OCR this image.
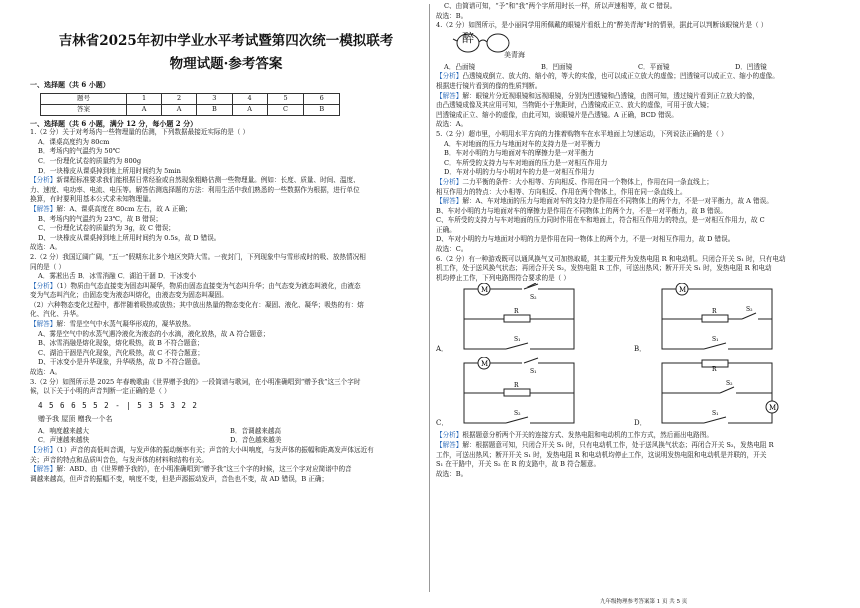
吉林省2025年初中学业水平考试暨第四次统一模拟联考
物理试题·参考答案
一、选择题（共 6 小题）
题号	1	2	3	4	5	6
答案	A	A	B	A	C	B
一、选择题（共 6 小题，满分 12 分，每小题 2 分）

1.（2 分）关于对考场内一些物理量的估测，下列数据最接近实际的是（ ）

A．课桌高度约为 80cm

B．考场内的气温约为 50℃

C．一份理化试卷的质量约为 800g

D．一块橡皮从课桌掉到地上所用时间约为 5min

【分析】新课程标准要求我们能根据日常经验或自然现象粗略估测一些物理量。例如：长度、质量、时间、温度、

力、速度、电功率、电流、电压等。解答估测选择题的方法：利用生活中我们熟悉的一些数据作为根据，进行单位

换算，有时要利用基本公式求未知物理量。

【解答】解：A、课桌高度在 80cm 左右，故 A 正确；

B、考场内的气温约为 23℃，故 B 错误；

C、一份理化试卷的质量约为 3g，故 C 错误；

D、一块橡皮从课桌掉到地上所用时间约为 0.5s，故 D 错误。

故选：A。

2.（2 分）我国辽阔广阔，“五一”假期东北多个地区突降大雪。一夜封门，下列现象中与雪形成时的吸、放热情况相

同的是（ ）

A．雾凇出舌 B．冰雪消融 C．湖泊干涸 D．干冰变小

【分析】（1）物质由气态直接变为固态叫凝华，物质由固态直接变为气态叫升华；由气态变为液态叫液化，由液态

变为气态叫汽化；由固态变为液态叫熔化，由液态变为固态叫凝固。

（2）六种物态变化过程中，都伴随着吸热或放热；其中放出热量的物态变化有：凝固、液化、凝华；吸热的有：熔

化、汽化、升华。

【解答】解：雪是空气中水蒸气凝华形成的，凝华放热。

A、雾是空气中的水蒸气遇冷液化为液态的小水滴，液化放热，故 A 符合题意；

B、冰雪消融是熔化现象，熔化吸热，故 B 不符合题意；

C、湖泊干涸是汽化现象，汽化吸热，故 C 不符合题意；

D、干冰变小是升华现象，升华吸热，故 D 不符合题意。

故选：A。

3.（2 分）如图所示是 2025 年春晚歌曲《世界赠予我的》一段简谱与歌词，在小明准确唱到“赠予我”这三个字时

候，以下关于小明的声音判断一定正确的是（ ）

4 5 6 6 5 5 2 - | 5 3 5 3 2 2
赠予我 屋顶 赠我一个名
A．响度越来越大	B．音调越来越高
C．声速越来越快	D．音色越来越美

【分析】（1）声音的高低叫音调，与发声体的振动频率有关；声音的大小叫响度，与发声体的振幅和距离发声体远近有

关；声音的特点和品质叫音色，与发声体的材料和结构有关。

【解答】解：ABD、由《世界赠予我的》，在小明准确唱到“赠予我”这三个字的时候，这三个字对应简谱中的音

调越来越高，但声音的振幅不变，响度不变，但是声源振动发声，音色也不变，故 AD 错误，B 正确；

C、由简谱可知，“予”和“我”两个字所用时长一样，所以声速相等，故 C 错误。

故选：B。

4.（2 分）如图所示，是小丽同学用所佩戴的眼镜片看纸上的“醉美青海”时的情景，据此可以判断该眼镜片是（ ）

醉
美青海
A．凸面镜	B．凹面镜	C．平面镜	D．凹透镜

【分析】凸透镜成倒立、放大的、缩小的，等大的实像，也可以成正立放大的虚像；凹透镜可以成正立、缩小的虚像。

根据进行镜片看到的像的性质判断。

【解答】解：眼镜片分近视眼镜和远视眼镜，分别为凹透镜和凸透镜，由图可知，透过镜片看到正立放大的像，

由凸透镜成像及其应用可知，当物距小于焦距时，凸透镜成正立、放大的虚像，可用于放大镜；

凹透镜成正立、缩小的虚像，由此可知，该眼镜片是凸透镜。A 正确，BCD 错误。

故选：A。

5.（2 分）超市里，小明用水平方向的力推着购物车在水平地面上匀速运动，下列说法正确的是（ ）

A．车对地面的压力与地面对车的支持力是一对平衡力

B．车对小明的力与地面对车的摩擦力是一对平衡力

C．车所受的支持力与车对地面的压力是一对相互作用力

D．车对小明的力与小明对车的力是一对相互作用力

【分析】二力平衡的条件：大小相等、方向相反、作用在同一个物体上，作用在同一条直线上；

相互作用力的特点：大小相等、方向相反、作用在两个物体上，作用在同一条直线上。

【解答】解：A、车对地面的压力与地面对车的支持力是作用在不同物体上的两个力，不是一对平衡力，故 A 错误。

B、车对小明的力与地面对车的摩擦力是作用在不同物体上的两个力，不是一对平衡力，故 B 错误。

C、车所受的支持力与车对地面的压力同时作用在车和地面上，符合相互作用力的特点，是一对相互作用力，故 C

正确。

D、车对小明的力与地面对小明的力是作用在同一物体上的两个力，不是一对相互作用力，故 D 错误。

故选：C。

6.（2 分）有一种游戏既可以通风换气又可加热取暖，其主要元件为发热电阻 R 和电动机。只闭合开关 S₁ 时，只有电动

机工作，处于送风换气状态；再闭合开关 S₂，发热电阻 R 工作，可送出热风；断开开关 S₁ 时，发热电阻 R 和电动

机均停止工作，下列电路图符合要求的是（ ）

M
S₂
R
S₁
A．
M
R	S₂
S₁
B．
M
S₁
R
S₂
C．
R
S₂
M
S₁
D．

【分析】根据题意分析两个开关的连接方式、发热电阻和电动机的工作方式，然后画出电路图。

【解答】解：根据题意可知，只闭合开关 S₁ 时，只有电动机工作，处于送风换气状态；再闭合开关 S₂，发热电阻 R

工作，可送出热风；断开开关 S₁ 时，发热电阻 R 和电动机均停止工作，这说明发热电阻和电动机是并联的，开关

S₁ 在干路中，开关 S₂ 在 R 的支路中，故 B 符合题意。

故选：B。

九年级物理参考答案第 1 页 共 5 页
